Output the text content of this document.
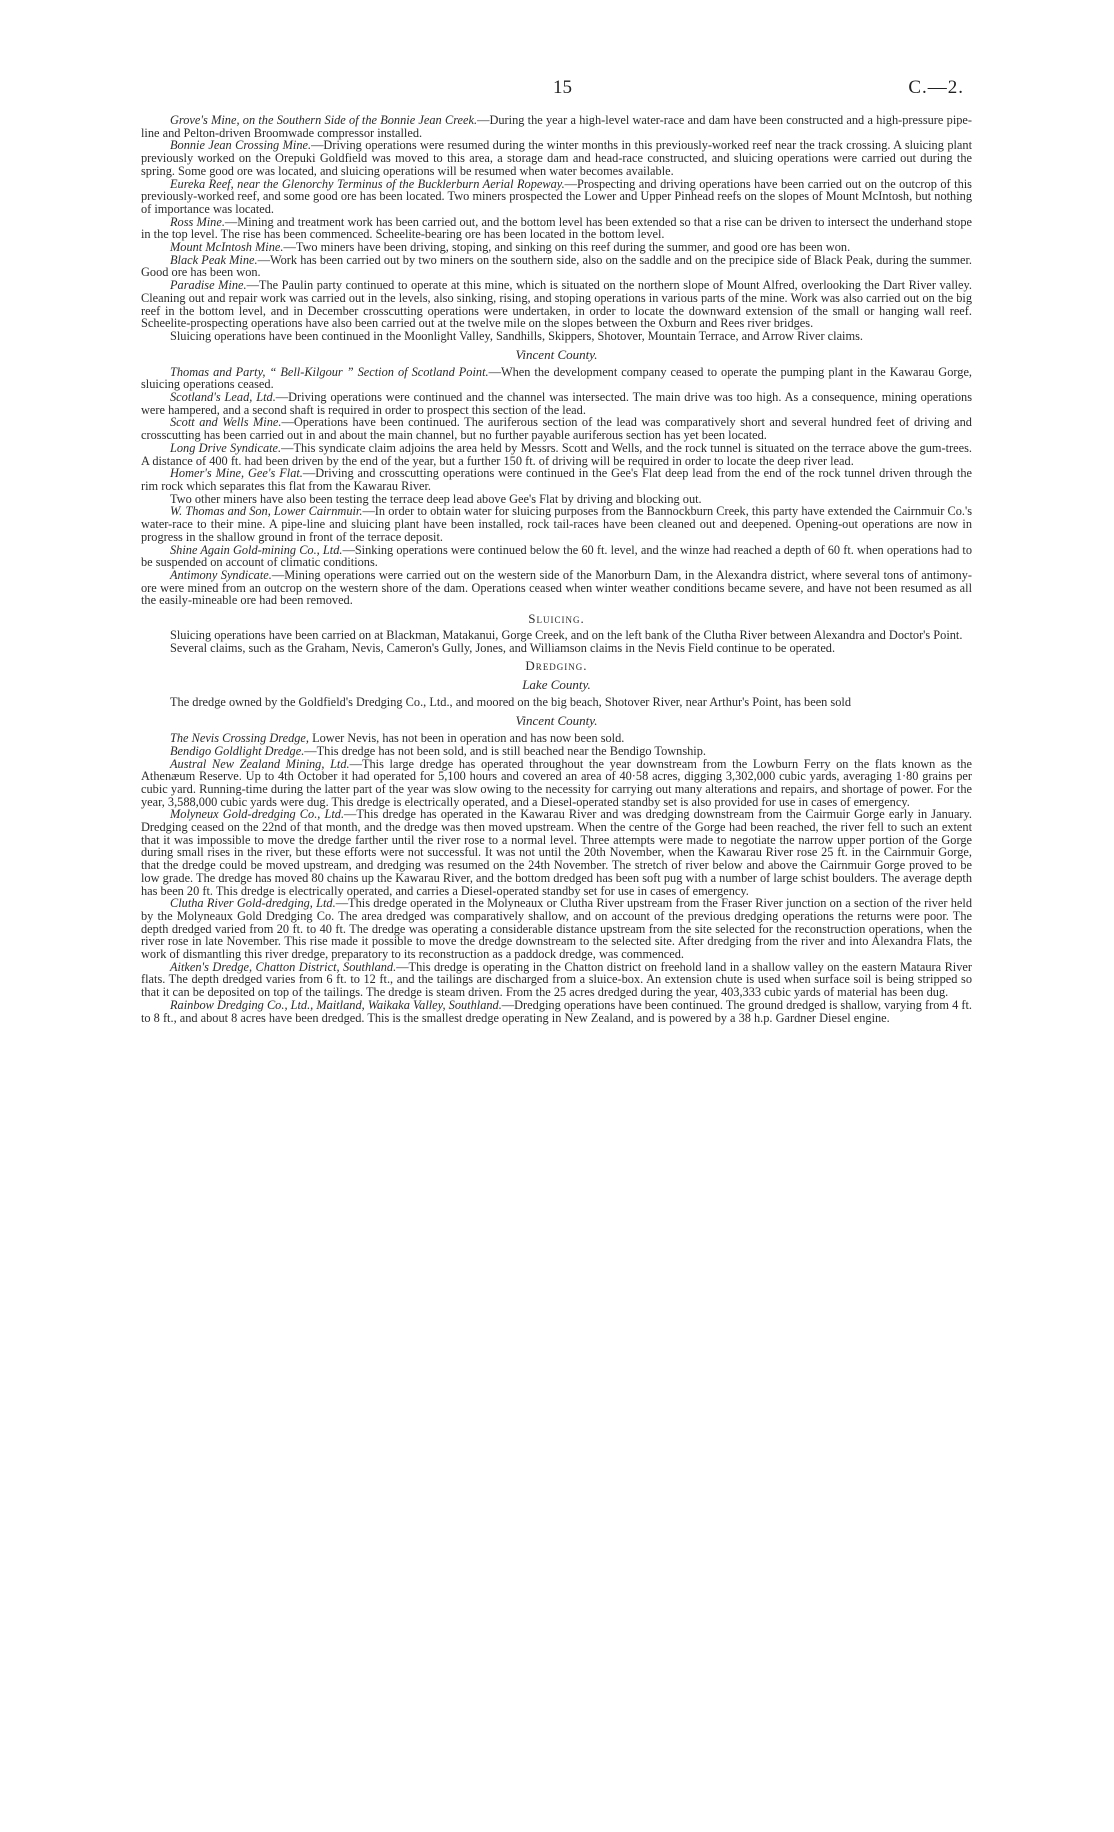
15	C.—2.

Grove's Mine, on the Southern Side of the Bonnie Jean Creek.—During the year a high-level water-race and dam have been constructed and a high-pressure pipe-line and Pelton-driven Broomwade compressor installed.

Bonnie Jean Crossing Mine.—Driving operations were resumed during the winter months in this previously-worked reef near the track crossing. A sluicing plant previously worked on the Orepuki Goldfield was moved to this area, a storage dam and head-race constructed, and sluicing operations were carried out during the spring. Some good ore was located, and sluicing operations will be resumed when water becomes available.

Eureka Reef, near the Glenorchy Terminus of the Bucklerburn Aerial Ropeway.—Prospecting and driving operations have been carried out on the outcrop of this previously-worked reef, and some good ore has been located. Two miners prospected the Lower and Upper Pinhead reefs on the slopes of Mount McIntosh, but nothing of importance was located.

Ross Mine.—Mining and treatment work has been carried out, and the bottom level has been extended so that a rise can be driven to intersect the underhand stope in the top level. The rise has been commenced. Scheelite-bearing ore has been located in the bottom level.

Mount McIntosh Mine.—Two miners have been driving, stoping, and sinking on this reef during the summer, and good ore has been won.

Black Peak Mine.—Work has been carried out by two miners on the southern side, also on the saddle and on the precipice side of Black Peak, during the summer. Good ore has been won.

Paradise Mine.—The Paulin party continued to operate at this mine, which is situated on the northern slope of Mount Alfred, overlooking the Dart River valley. Cleaning out and repair work was carried out in the levels, also sinking, rising, and stoping operations in various parts of the mine. Work was also carried out on the big reef in the bottom level, and in December crosscutting operations were undertaken, in order to locate the downward extension of the small or hanging wall reef. Scheelite-prospecting operations have also been carried out at the twelve mile on the slopes between the Oxburn and Rees river bridges.

Sluicing operations have been continued in the Moonlight Valley, Sandhills, Skippers, Shotover, Mountain Terrace, and Arrow River claims.

Vincent County.

Thomas and Party, “ Bell-Kilgour ” Section of Scotland Point.—When the development company ceased to operate the pumping plant in the Kawarau Gorge, sluicing operations ceased.

Scotland's Lead, Ltd.—Driving operations were continued and the channel was intersected. The main drive was too high. As a consequence, mining operations were hampered, and a second shaft is required in order to prospect this section of the lead.

Scott and Wells Mine.—Operations have been continued. The auriferous section of the lead was comparatively short and several hundred feet of driving and crosscutting has been carried out in and about the main channel, but no further payable auriferous section has yet been located.

Long Drive Syndicate.—This syndicate claim adjoins the area held by Messrs. Scott and Wells, and the rock tunnel is situated on the terrace above the gum-trees. A distance of 400 ft. had been driven by the end of the year, but a further 150 ft. of driving will be required in order to locate the deep river lead.

Homer's Mine, Gee's Flat.—Driving and crosscutting operations were continued in the Gee's Flat deep lead from the end of the rock tunnel driven through the rim rock which separates this flat from the Kawarau River.

Two other miners have also been testing the terrace deep lead above Gee's Flat by driving and blocking out.

W. Thomas and Son, Lower Cairnmuir.—In order to obtain water for sluicing purposes from the Bannockburn Creek, this party have extended the Cairnmuir Co.'s water-race to their mine. A pipe-line and sluicing plant have been installed, rock tail-races have been cleaned out and deepened. Opening-out operations are now in progress in the shallow ground in front of the terrace deposit.

Shine Again Gold-mining Co., Ltd.—Sinking operations were continued below the 60 ft. level, and the winze had reached a depth of 60 ft. when operations had to be suspended on account of climatic conditions.

Antimony Syndicate.—Mining operations were carried out on the western side of the Manorburn Dam, in the Alexandra district, where several tons of antimony-ore were mined from an outcrop on the western shore of the dam. Operations ceased when winter weather conditions became severe, and have not been resumed as all the easily-mineable ore had been removed.

Sluicing.

Sluicing operations have been carried on at Blackman, Matakanui, Gorge Creek, and on the left bank of the Clutha River between Alexandra and Doctor's Point.

Several claims, such as the Graham, Nevis, Cameron's Gully, Jones, and Williamson claims in the Nevis Field continue to be operated.

Dredging.
Lake County.

The dredge owned by the Goldfield's Dredging Co., Ltd., and moored on the big beach, Shotover River, near Arthur's Point, has been sold

Vincent County.

The Nevis Crossing Dredge, Lower Nevis, has not been in operation and has now been sold.

Bendigo Goldlight Dredge.—This dredge has not been sold, and is still beached near the Bendigo Township.

Austral New Zealand Mining, Ltd.—This large dredge has operated throughout the year downstream from the Lowburn Ferry on the flats known as the Athenæum Reserve. Up to 4th October it had operated for 5,100 hours and covered an area of 40·58 acres, digging 3,302,000 cubic yards, averaging 1·80 grains per cubic yard. Running-time during the latter part of the year was slow owing to the necessity for carrying out many alterations and repairs, and shortage of power. For the year, 3,588,000 cubic yards were dug. This dredge is electrically operated, and a Diesel-operated standby set is also provided for use in cases of emergency.

Molyneux Gold-dredging Co., Ltd.—This dredge has operated in the Kawarau River and was dredging downstream from the Cairmuir Gorge early in January. Dredging ceased on the 22nd of that month, and the dredge was then moved upstream. When the centre of the Gorge had been reached, the river fell to such an extent that it was impossible to move the dredge farther until the river rose to a normal level. Three attempts were made to negotiate the narrow upper portion of the Gorge during small rises in the river, but these efforts were not successful. It was not until the 20th November, when the Kawarau River rose 25 ft. in the Cairnmuir Gorge, that the dredge could be moved upstream, and dredging was resumed on the 24th November. The stretch of river below and above the Cairnmuir Gorge proved to be low grade. The dredge has moved 80 chains up the Kawarau River, and the bottom dredged has been soft pug with a number of large schist boulders. The average depth has been 20 ft. This dredge is electrically operated, and carries a Diesel-operated standby set for use in cases of emergency.

Clutha River Gold-dredging, Ltd.—This dredge operated in the Molyneaux or Clutha River upstream from the Fraser River junction on a section of the river held by the Molyneaux Gold Dredging Co. The area dredged was comparatively shallow, and on account of the previous dredging operations the returns were poor. The depth dredged varied from 20 ft. to 40 ft. The dredge was operating a considerable distance upstream from the site selected for the reconstruction operations, when the river rose in late November. This rise made it possible to move the dredge downstream to the selected site. After dredging from the river and into Alexandra Flats, the work of dismantling this river dredge, preparatory to its reconstruction as a paddock dredge, was commenced.

Aitken's Dredge, Chatton District, Southland.—This dredge is operating in the Chatton district on freehold land in a shallow valley on the eastern Mataura River flats. The depth dredged varies from 6 ft. to 12 ft., and the tailings are discharged from a sluice-box. An extension chute is used when surface soil is being stripped so that it can be deposited on top of the tailings. The dredge is steam driven. From the 25 acres dredged during the year, 403,333 cubic yards of material has been dug.

Rainbow Dredging Co., Ltd., Maitland, Waikaka Valley, Southland.—Dredging operations have been continued. The ground dredged is shallow, varying from 4 ft. to 8 ft., and about 8 acres have been dredged. This is the smallest dredge operating in New Zealand, and is powered by a 38 h.p. Gardner Diesel engine.
